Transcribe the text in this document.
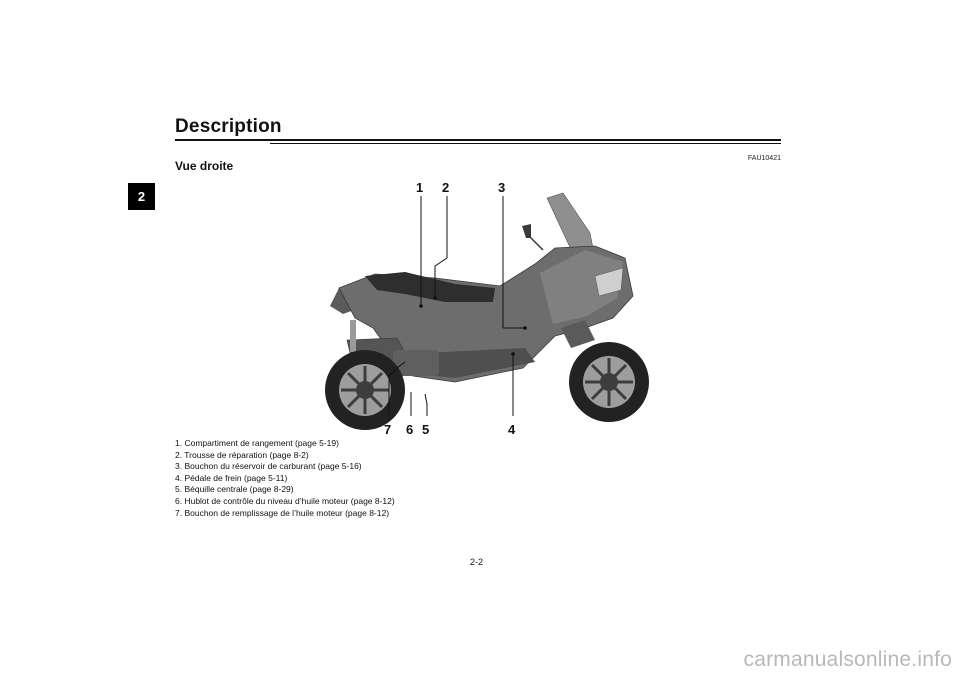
Description
2
FAU10421
Vue droite
1 2	3
4
5
6
7
1. Compartiment de rangement (page 5-19)
2. Trousse de réparation (page 8-2)
3. Bouchon du réservoir de carburant (page 5-16)
4. Pédale de frein (page 5-11)
5. Béquille centrale (page 8-29)
6. Hublot de contrôle du niveau d’huile moteur (page 8-12)
7. Bouchon de remplissage de l’huile moteur (page 8-12)
2-2
carmanualsonline.info
